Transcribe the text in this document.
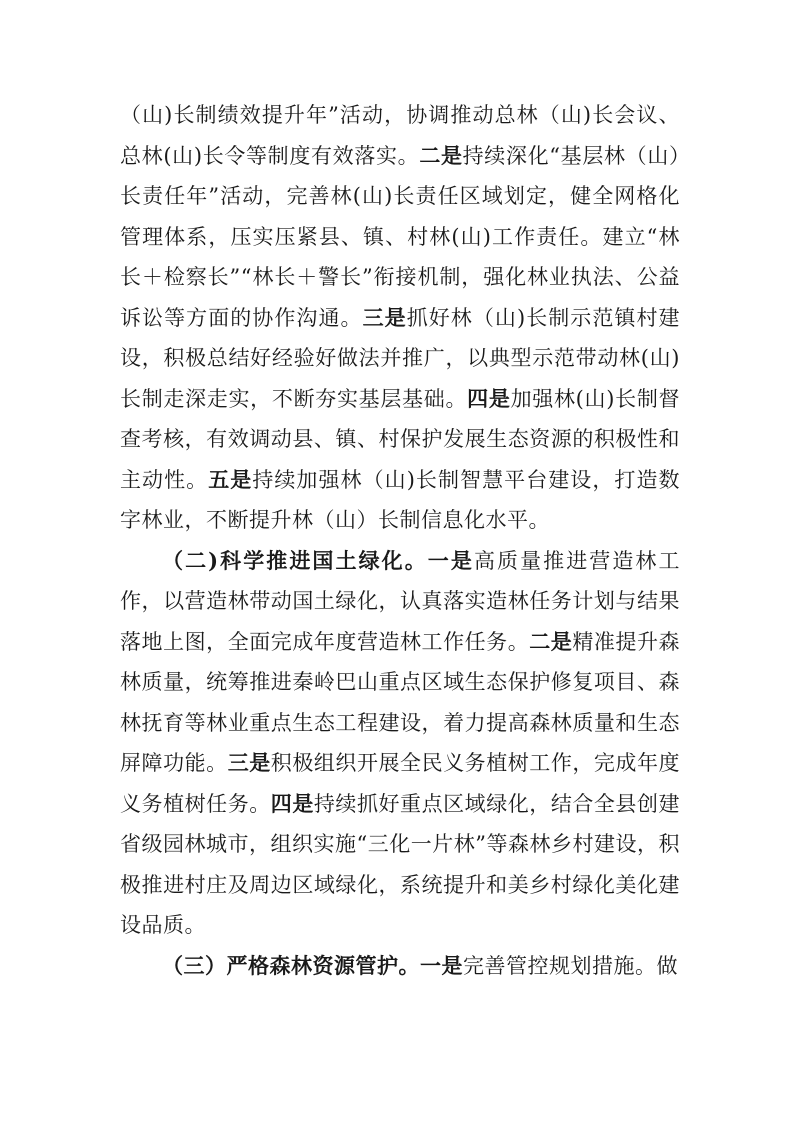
（山)长制绩效提升年”活动，协调推动总林（山)长会议、总林(山)长令等制度有效落实。二是持续深化“基层林（山）长责任年”活动，完善林(山)长责任区域划定，健全网格化管理体系，压实压紧县、镇、村林(山)工作责任。建立“林长＋检察长”“林长＋警长”衔接机制，强化林业执法、公益诉讼等方面的协作沟通。三是抓好林（山)长制示范镇村建设，积极总结好经验好做法并推广，以典型示范带动林(山)长制走深走实，不断夯实基层基础。四是加强林(山)长制督查考核，有效调动县、镇、村保护发展生态资源的积极性和主动性。五是持续加强林（山)长制智慧平台建设，打造数字林业，不断提升林（山）长制信息化水平。

（二)科学推进国土绿化。一是高质量推进营造林工作，以营造林带动国土绿化，认真落实造林任务计划与结果落地上图，全面完成年度营造林工作任务。二是精准提升森林质量，统筹推进秦岭巴山重点区域生态保护修复项目、森林抚育等林业重点生态工程建设，着力提高森林质量和生态屏障功能。三是积极组织开展全民义务植树工作，完成年度义务植树任务。四是持续抓好重点区域绿化，结合全县创建省级园林城市，组织实施“三化一片林”等森林乡村建设，积极推进村庄及周边区域绿化，系统提升和美乡村绿化美化建设品质。

（三）严格森林资源管护。一是完善管控规划措施。做
